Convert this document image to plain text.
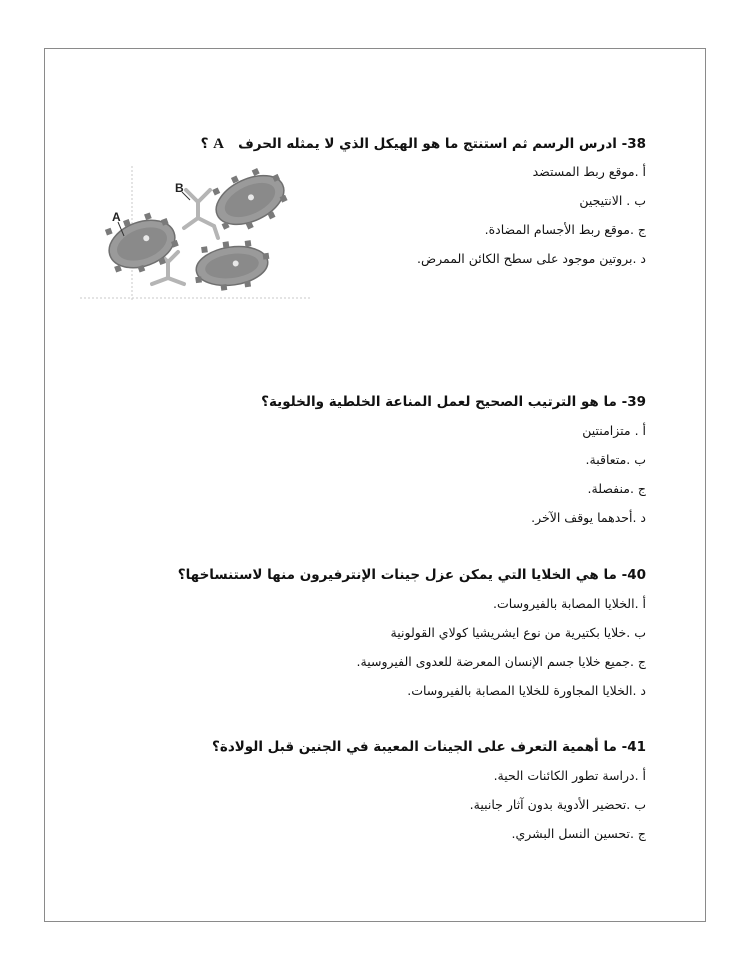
38- ادرس الرسم ثم استنتج ما هو الهيكل الذي لا يمثله الحرف   A ؟

أ .موقع ربط المستضد
ب . الانتيجين
ج .موقع ربط الأجسام المضادة.
د .بروتين موجود على سطح الكائن الممرض.
A
B

39- ما هو الترتيب الصحيح لعمل المناعة الخلطية والخلوية؟

أ . متزامنتين
ب .متعاقبة.
ج .منفصلة.
د .أحدهما يوقف الآخر.

40- ما هي الخلايا التي يمكن عزل جينات الإنترفيرون منها لاستنساخها؟

أ .الخلايا المصابة بالفيروسات.
ب .خلايا بكتيرية من نوع ايشريشيا كولاي القولونية
ج .جميع خلايا جسم الإنسان المعرضة للعدوى الفيروسية.
د .الخلايا المجاورة للخلايا المصابة بالفيروسات.

41- ما أهمية التعرف على الجينات المعيبة في الجنين قبل الولادة؟

أ .دراسة تطور الكائنات الحية.
ب .تحضير الأدوية بدون آثار جانبية.
ج .تحسين النسل البشري.
